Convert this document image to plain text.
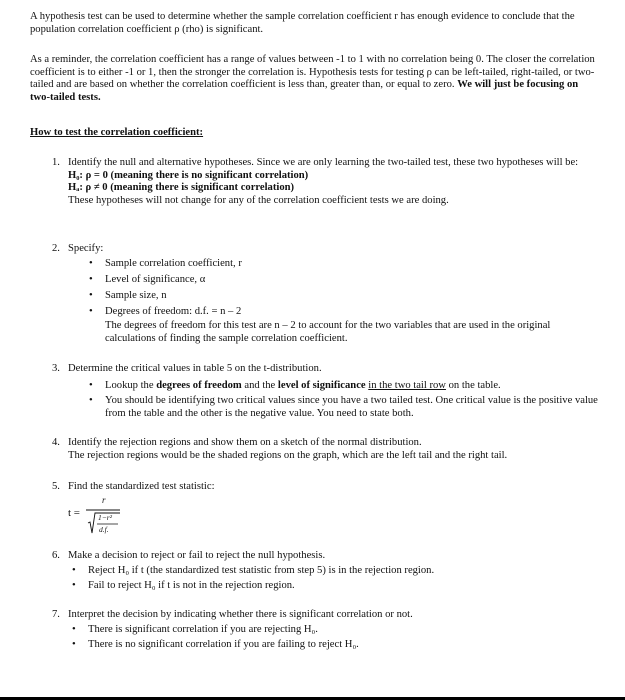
A hypothesis test can be used to determine whether the sample correlation coefficient r has enough evidence to conclude that the population correlation coefficient ρ (rho) is significant.

As a reminder, the correlation coefficient has a range of values between -1 to 1 with no correlation being 0. The closer the correlation coefficient is to either -1 or 1, then the stronger the correlation is. Hypothesis tests for testing ρ can be left-tailed, right-tailed, or two-tailed and are based on whether the correlation coefficient is less than, greater than, or equal to zero. We will just be focusing on two-tailed tests.

How to test the correlation coefficient:
1. Identify the null and alternative hypotheses. Since we are only learning the two-tailed test, these two hypotheses will be:

H₀: ρ = 0 (meaning there is no significant correlation)

Hₐ: ρ ≠ 0 (meaning there is significant correlation)

These hypotheses will not change for any of the correlation coefficient tests we are doing.

2. Specify:

• Sample correlation coefficient, r
• Level of significance, α
• Sample size, n
• Degrees of freedom: d.f. = n – 2
The degrees of freedom for this test are n – 2 to account for the two variables that are used in the original calculations of finding the sample correlation coefficient.
3. Determine the critical values in table 5 on the t-distribution.

• Lookup the degrees of freedom and the level of significance in the two tail row on the table.
• You should be identifying two critical values since you have a two tailed test. One critical value is the positive value from the table and the other is the negative value. You need to state both.
4. Identify the rejection regions and show them on a sketch of the normal distribution.

The rejection regions would be the shaded regions on the graph, which are the left tail and the right tail.

5. Find the standardized test statistic:

t =
r
1−r²
d.f.
6. Make a decision to reject or fail to reject the null hypothesis.

• Reject H₀ if t (the standardized test statistic from step 5) is in the rejection region.
• Fail to reject H₀ if t is not in the rejection region.
7. Interpret the decision by indicating whether there is significant correlation or not.

• There is significant correlation if you are rejecting H₀.
• There is no significant correlation if you are failing to reject H₀.
